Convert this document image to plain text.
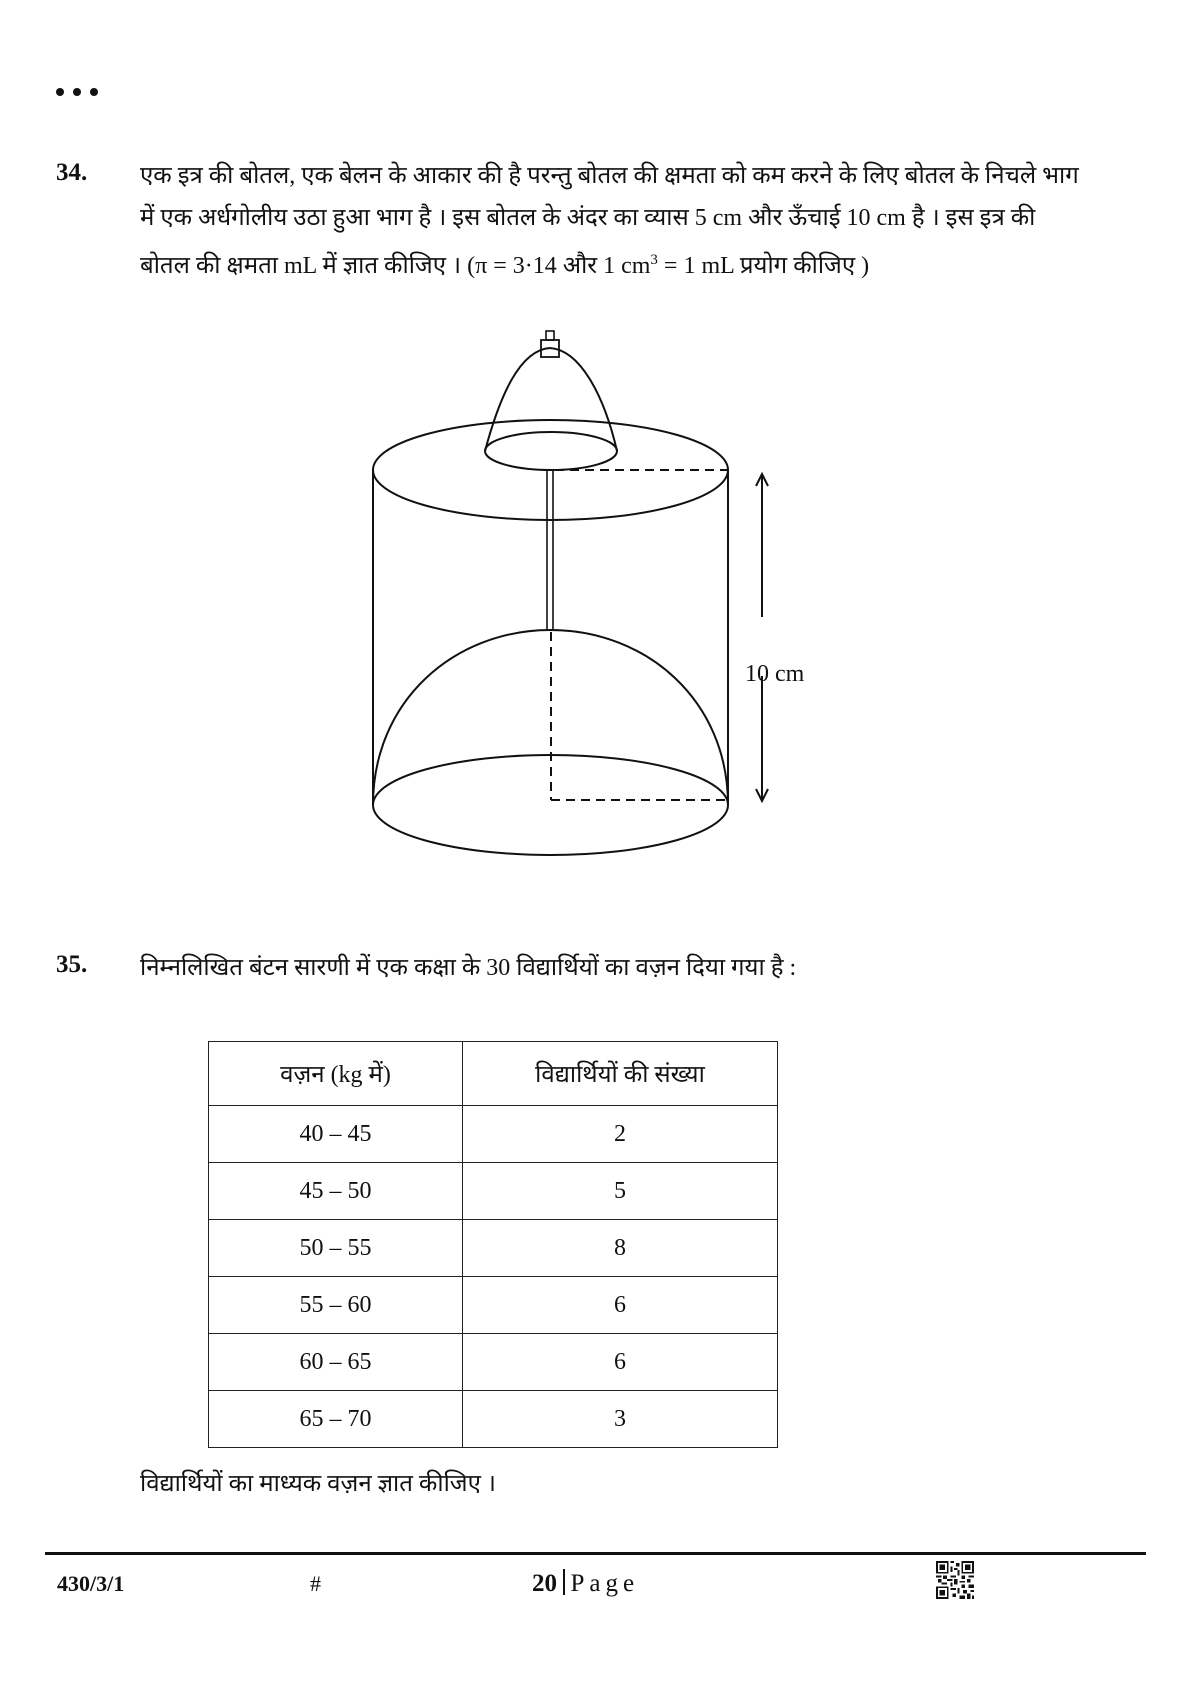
34. एक इत्र की बोतल, एक बेलन के आकार की है परन्तु बोतल की क्षमता को कम करने के लिए बोतल के निचले भाग में एक अर्धगोलीय उठा हुआ भाग है । इस बोतल के अंदर का व्यास 5 cm और ऊँचाई 10 cm है । इस इत्र की बोतल की क्षमता mL में ज्ञात कीजिए । (π = 3·14 और 1 $cm^3 = 1$ mL प्रयोग कीजिए )
10 cm
35. निम्नलिखित बंटन सारणी में एक कक्षा के 30 विद्यार्थियों का वज़न दिया गया है :
वज़न (kg में)	विद्यार्थियों की संख्या
40 – 45	2
45 – 50	5
50 – 55	8
55 – 60	6
60 – 65	6
65 – 70	3
विद्यार्थियों का माध्यक वज़न ज्ञात कीजिए ।
430/3/1	#	20 Page
